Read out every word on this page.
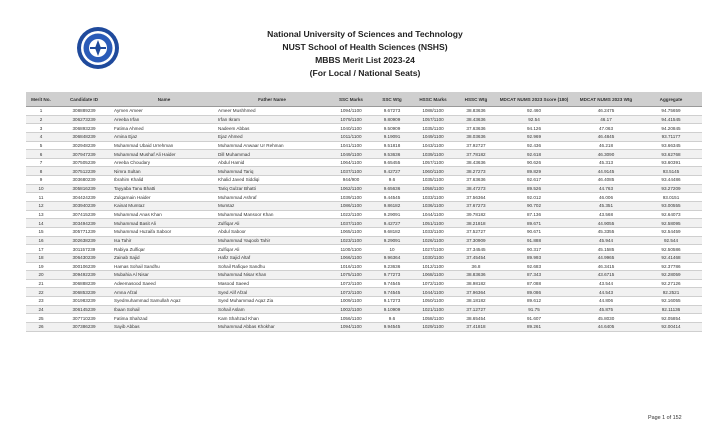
National University of Sciences and Technology
NUST School of Health Sciences (NSHS)
MBBS Merit List 2023-24
(For Local / National Seats)
Merit No.	Candidate ID	Name	Father Name	SSC Marks	SSC Wtg	HSSC Marks	HSSC Wtg	MDCAT NUMS 2023 Score (180)	MDCAT NUMS 2023 Wtg	Aggregate
1	308889239	Aymen Ameer	Ameer Mushhmed	1094/1100	9.67273	1088/1100	38.83636	92.460	46.2475	94.75659
2	306273239	Areeba Irfan	Irfan Ikram	1079/1100	9.80909	1057/1100	38.43636	92.54	46.17	94.41545
3	306893239	Fatima Ahmed	Nadeem Abbas	1040/1100	9.50909	1035/1100	37.63636	94.126	47.063	94.20845
4	306848239	Amina Ejaz	Ejaz Ahmed	1011/1100	9.19091	1049/1100	38.03636	92.969	46.4845	93.71177
5	302948239	Muhammad Ubaid Urrehman	Muhammad Anwaar Ur Rehman	1041/1100	9.51818	1043/1100	37.92727	92.436	46.218	93.66345
6	307947239	Muhammad Mushaf Ali Haider	Dill Muhammad	1049/1100	9.53636	1039/1100	37.78182	92.618	46.3090	93.62768
7	307505239	Areeba Choudary	Abdul Hamid	1064/1100	9.65455	1057/1100	38.43636	90.626	45.313	93.60391
8	307512239	Nimra Sultan	Muhammad Tariq	1037/1100	9.42727	1060/1100	38.27273	89.829	44.9145	93.5145
9	303680239	Ibrahim Khalid	Khalid Javed Siddiqi	944/900	9.6	1035/1100	37.63636	92.617	46.4085	93.44486
10	305816239	Tayyaba Tanu Bhatti	Tariq Gulzar Bhatti	1062/1100	9.65636	1058/1100	38.47273	89.526	44.763	93.27209
11	304424239	Zulqarnain Haider	Muhammad Ashraf	1039/1100	9.44545	1033/1100	37.56364	92.012	46.006	93.0151
12	303940239	Kainat Mumtaz	Mumtaz	1086/1100	9.86182	1036/1100	37.67273	90.702	45.351	93.00555
13	307415239	Muhammad Anas Khan	Muhammad Mansoor Khan	1022/1100	9.29091	1044/1100	39.78182	87.136	43.568	92.64073
14	303494239	Muhammad Basit Ali	Zulfiqar Ali	1037/1100	9.42727	1051/1100	38.21818	89.671	44.9055	92.58095
15	305771239	Muhammad Huzaifa Saboor	Abdul Saboor	1065/1100	9.68182	1033/1100	37.52727	90.671	45.3355	92.54459
16	302638239	Isa Tahir	Muhammad Yaqoob Tahir	1023/1100	9.29091	1026/1100	37.30909	91.888	45.944	92.544
17	301157239	Rabiya Zulfiqar	Zulfiqar Ali	1100/1100	10	1027/1100	37.34545	90.317	45.1585	92.50586
18	306430239	Zainab Sajid	Hafiz Sajid Altaf	1066/1100	9.96364	1030/1100	37.45454	89.993	44.9965	92.41468
19	300106239	Hamas Sohail Sandhu	Sohail Rafique Sandhu	1016/1100	9.23636	1012/1100	36.8	92.683	46.3415	92.37786
20	309492239	Mubahia Al Nisar	Muhammad Nisar Khan	1075/1100	9.77273	1068/1100	38.83636	87.343	43.6715	92.28059
21	306888239	Adeemasood Saeed	Masood Saeed	1072/1100	9.74545	1072/1100	38.98182	87.088	43.544	92.27126
22	306853239	Amna Afzal	Syed Alif Afzal	1072/1100	9.74545	1044/1100	37.96364	89.086	44.543	92.2521
23	301983239	Syedmuhammad Samullah Aqaz	Syed Muhammad Aqaz Zia	1009/1100	9.17273	1050/1100	38.18182	89.612	44.806	92.16055
24	306145239	Ibaan Sohail	Sohail Aslam	1002/1100	9.10909	1021/1100	37.12727	91.75	45.875	92.11136
25	307710239	Fatima Shahzad	Kam Shahzad Khan	1056/1100	9.6	1058/1100	38.65454	91.607	45.8030	92.05854
26	307386239	Sayib Abbas	Muhammad Abbas Khokhar	1094/1100	9.94545	1029/1100	37.41818	89.261	44.6405	92.00414
Page 1 of 152
